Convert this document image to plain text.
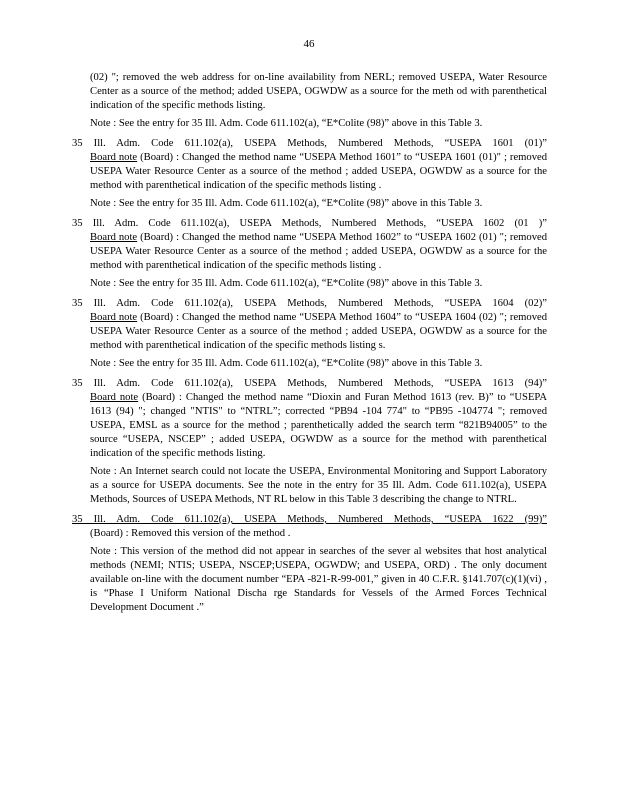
46
(02) "; removed the web address for on-line availability from NERL; removed USEPA, Water Resource Center as a source of the method; added USEPA, OGWDW as a source for the meth od with parenthetical indication of the specific methods listing.
Note : See the entry for 35 Ill. Adm. Code 611.102(a), “E*Colite (98)” above in this Table 3.
35 Ill. Adm. Code 611.102(a), USEPA Methods, Numbered Methods, “USEPA 1601 (01)”
Board note (Board) : Changed the method name “USEPA Method 1601” to “USEPA 1601 (01)" ; removed USEPA Water Resource Center as a source of the method ; added USEPA, OGWDW as a source for the method with parenthetical indication of the specific methods listing .
Note : See the entry for 35 Ill. Adm. Code 611.102(a), “E*Colite (98)” above in this Table 3.
35 Ill. Adm. Code 611.102(a), USEPA Methods, Numbered Methods, “USEPA 1602 (01 )”
Board note (Board) : Changed the method name “USEPA Method 1602” to “USEPA 1602 (01) "; removed USEPA Water Resource Center as a source of the method ; added USEPA, OGWDW as a source for the method with parenthetical indication of the specific methods listing .
Note : See the entry for 35 Ill. Adm. Code 611.102(a), “E*Colite (98)” above in this Table 3.
35 Ill. Adm. Code 611.102(a), USEPA Methods, Numbered Methods, “USEPA 1604 (02)”
Board note (Board) : Changed the method name “USEPA Method 1604” to “USEPA 1604 (02) "; removed USEPA Water Resource Center as a source of the method ; added USEPA, OGWDW as a source for the method with parenthetical indication of the specific methods listing s.
Note : See the entry for 35 Ill. Adm. Code 611.102(a), “E*Colite (98)” above in this Table 3.
35 Ill. Adm. Code 611.102(a), USEPA Methods, Numbered Methods, “USEPA 1613 (94)”
Board note (Board) : Changed the method name “Dioxin and Furan Method 1613 (rev. B)” to “USEPA 1613 (94) "; changed "NTIS" to “NTRL”; corrected “PB94 -104 774" to “PB95 -104774 "; removed USEPA, EMSL as a source for the method ; parenthetically added the search term “821B94005” to the source “USEPA, NSCEP” ; added USEPA, OGWDW as a source for the method with parenthetical indication of the specific methods listing.
Note : An Internet search could not locate the USEPA, Environmental Monitoring and Support Laboratory as a source for USEPA documents. See the note in the entry for 35 Ill. Adm. Code 611.102(a), USEPA Methods, Sources of USEPA Methods, NT RL below in this Table 3 describing the change to NTRL.
35 Ill. Adm. Code 611.102(a), USEPA Methods, Numbered Methods, “USEPA 1622 (99)”
(Board) : Removed this version of the method .
Note : This version of the method did not appear in searches of the sever al websites that host analytical methods (NEMI; NTIS; USEPA, NSCEP;USEPA, OGWDW; and USEPA, ORD) . The only document available on-line with the document number “EPA -821-R-99-001,” given in 40 C.F.R. §141.707(c)(1)(vi) , is “Phase I Uniform National Discha rge Standards for Vessels of the Armed Forces Technical Development Document .”
